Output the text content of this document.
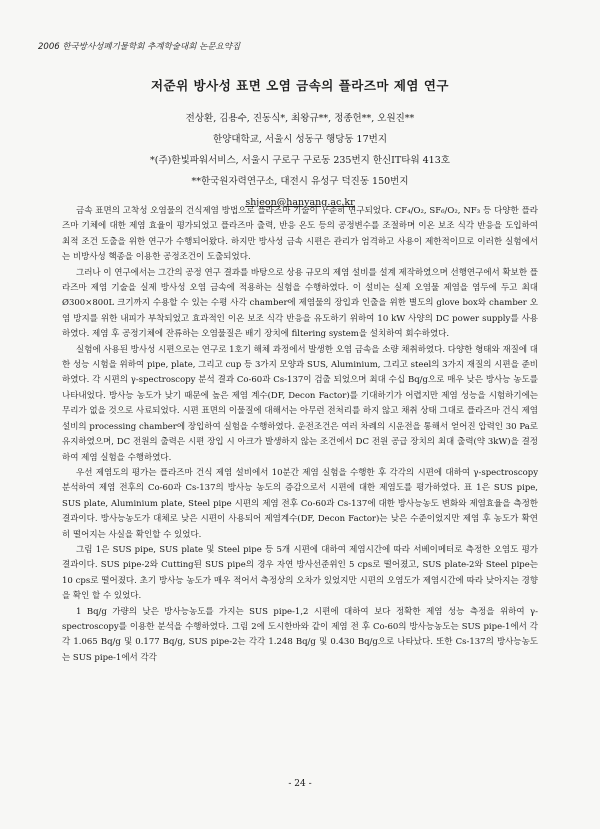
2006 한국방사성폐기물학회 추계학술대회 논문요약집
저준위 방사성 표면 오염 금속의 플라즈마 제염 연구
전상환, 김용수, 진동식*, 최왕규**, 정종헌**, 오원진**
한양대학교, 서울시 성동구 행당동 17번지
*(주)한빛파워서비스, 서울시 구로구 구로동 235번지 한신IT타워 413호
**한국원자력연구소, 대전시 유성구 덕진동 150번지
shjeon@hanyang.ac.kr

금속 표면의 고착성 오염물의 건식제염 방법으로 플라즈마 기술이 꾸준히 연구되었다. CF₄/O₂, SF₆/O₂, NF₃ 등 다양한 플라즈마 기체에 대한 제염 효율이 평가되었고 플라즈마 출력, 반응 온도 등의 공정변수를 조절하며 이온 보조 식각 반응을 도입하여 최적 조건 도출을 위한 연구가 수행되어왔다. 하지만 방사성 금속 시편은 관리가 엄격하고 사용이 제한적이므로 이러한 실험에서는 비방사성 핵종을 이용한 공정조건이 도출되었다.

그러나 이 연구에서는 그간의 공정 연구 결과를 바탕으로 상용 규모의 제염 설비를 설계 제작하였으며 선행연구에서 확보한 플라즈마 제염 기술을 실제 방사성 오염 금속에 적용하는 실험을 수행하였다. 이 설비는 실제 오염물 제염을 염두에 두고 최대 Ø300×800L 크기까지 수용할 수 있는 수평 사각 chamber에 제염물의 장입과 인출을 위한 별도의 glove box와 chamber 오염 방지를 위한 내피가 부착되었고 효과적인 이온 보조 식각 반응을 유도하기 위하여 10 kW 사양의 DC power supply를 사용하였다. 제염 후 공정기체에 잔류하는 오염물질은 배기 장치에 filtering system을 설치하여 회수하였다.

실험에 사용된 방사성 시편으로는 연구로 1호기 해체 과정에서 발생한 오염 금속을 소량 채취하였다. 다양한 형태와 재질에 대한 성능 시험을 위하여 pipe, plate, 그리고 cup 등 3가지 모양과 SUS, Aluminium, 그리고 steel의 3가지 재질의 시편을 준비하였다. 각 시편의 γ-spectroscopy 분석 결과 Co-60과 Cs-137이 검출 되었으며 최대 수십 Bq/g으로 매우 낮은 방사능 농도를 나타내었다. 방사능 농도가 낮기 때문에 높은 제염 계수(DF, Decon Factor)를 기대하기가 어렵지만 제염 성능을 시험하기에는 무리가 없을 것으로 사료되었다. 시편 표면의 이물질에 대해서는 아무런 전처리를 하지 않고 채취 상태 그대로 플라즈마 건식 제염 설비의 processing chamber에 장입하여 실험을 수행하였다. 운전조건은 여러 차례의 시운전을 통해서 얻어진 압력인 30 Pa로 유지하였으며, DC 전원의 출력은 시편 장입 시 아크가 발생하지 않는 조건에서 DC 전원 공급 장치의 최대 출력(약 3kW)을 결정하여 제염 실험을 수행하였다.

우선 제염도의 평가는 플라즈마 건식 제염 설비에서 10분간 제염 실험을 수행한 후 각각의 시편에 대하여 γ-spectroscopy 분석하여 제염 전후의 Co-60과 Cs-137의 방사능 농도의 증감으로서 시편에 대한 제염도를 평가하였다. 표 1은 SUS pipe, SUS plate, Aluminium plate, Steel pipe 시편의 제염 전후 Co-60과 Cs-137에 대한 방사능농도 변화와 제염효율을 측정한 결과이다. 방사능농도가 대체로 낮은 시편이 사용되어 제염계수(DF, Decon Factor)는 낮은 수준이었지만 제염 후 농도가 확연히 떨어지는 사실을 확인할 수 있었다.

그림 1은 SUS pipe, SUS plate 및 Steel pipe 등 5개 시편에 대하여 제염시간에 따라 서베이메터로 측정한 오염도 평가 결과이다. SUS pipe-2와 Cutting된 SUS pipe의 경우 자연 방사선준위인 5 cps로 떨어졌고, SUS plate-2와 Steel pipe는 10 cps로 떨어졌다. 초기 방사능 농도가 매우 적어서 측정상의 오차가 있었지만 시편의 오염도가 제염시간에 따라 낮아지는 경향을 확인 할 수 있었다.

1 Bq/g 가량의 낮은 방사능농도를 가지는 SUS pipe-1,2 시편에 대하여 보다 정확한 제염 성능 측정을 위하여 γ-spectroscopy를 이용한 분석을 수행하였다. 그림 2에 도시한바와 같이 제염 전 후 Co-60의 방사능농도는 SUS pipe-1에서 각각 1.065 Bq/g 및 0.177 Bq/g, SUS pipe-2는 각각 1.248 Bq/g 및 0.430 Bq/g으로 나타났다. 또한 Cs-137의 방사능농도는 SUS pipe-1에서 각각

- 24 -
